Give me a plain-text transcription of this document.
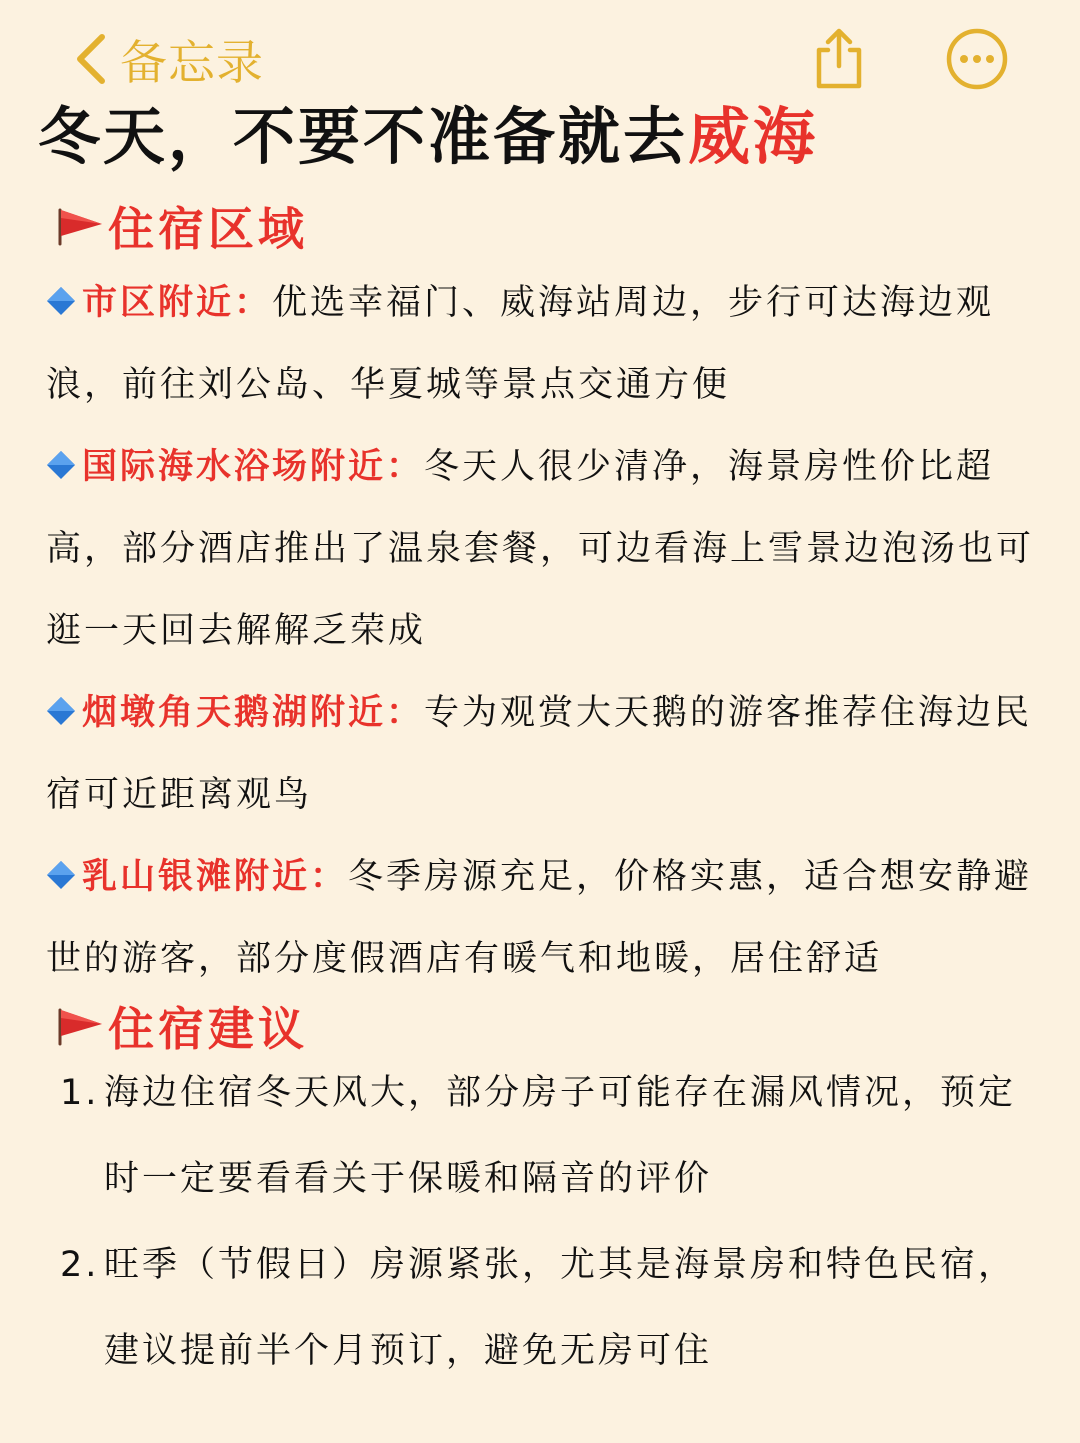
备忘录
冬天，不要不准备就去威海
住宿区域
市区附近：优选幸福门、威海站周边，步行可达海边观浪，前往刘公岛、华夏城等景点交通方便
国际海水浴场附近：冬天人很少清净，海景房性价比超高，部分酒店推出了温泉套餐，可边看海上雪景边泡汤也可逛一天回去解解乏荣成
烟墩角天鹅湖附近：专为观赏大天鹅的游客推荐住海边民宿可近距离观鸟
乳山银滩附近：冬季房源充足，价格实惠，适合想安静避世的游客，部分度假酒店有暖气和地暖，居住舒适
住宿建议
1. 海边住宿冬天风大，部分房子可能存在漏风情况，预定时一定要看看关于保暖和隔音的评价
2. 旺季（节假日）房源紧张，尤其是海景房和特色民宿，建议提前半个月预订，避免无房可住
